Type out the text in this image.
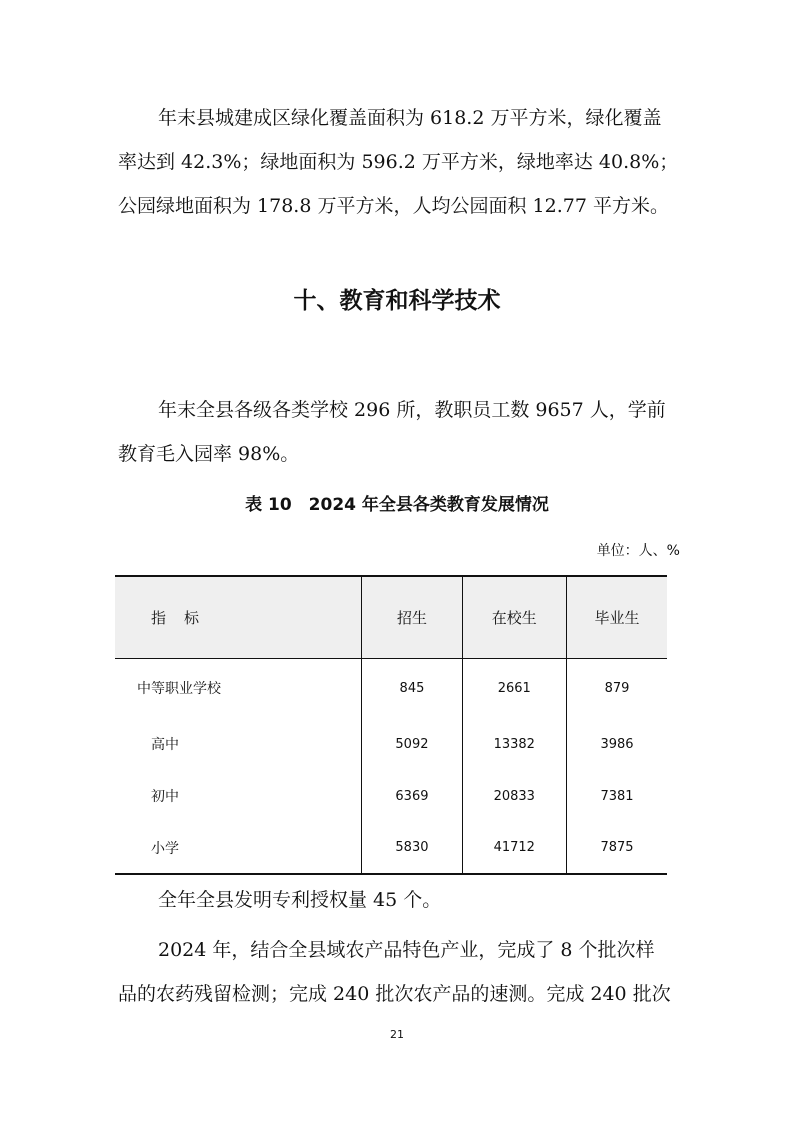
年末县城建成区绿化覆盖面积为 618.2 万平方米，绿化覆盖
率达到 42.3%；绿地面积为 596.2 万平方米，绿地率达 40.8%；
公园绿地面积为 178.8 万平方米，人均公园面积 12.77 平方米。
十、教育和科学技术
年末全县各级各类学校 296 所，教职员工数 9657 人，学前
教育毛入园率 98%。
表 10　2024 年全县各类教育发展情况
单位：人、%
指标	招生	在校生	毕业生
中等职业学校	845	2661	879
高中	5092	13382	3986
初中	6369	20833	7381
小学	5830	41712	7875
全年全县发明专利授权量 45 个。
2024 年，结合全县域农产品特色产业，完成了 8 个批次样
品的农药残留检测；完成 240 批次农产品的速测。完成 240 批次
21
